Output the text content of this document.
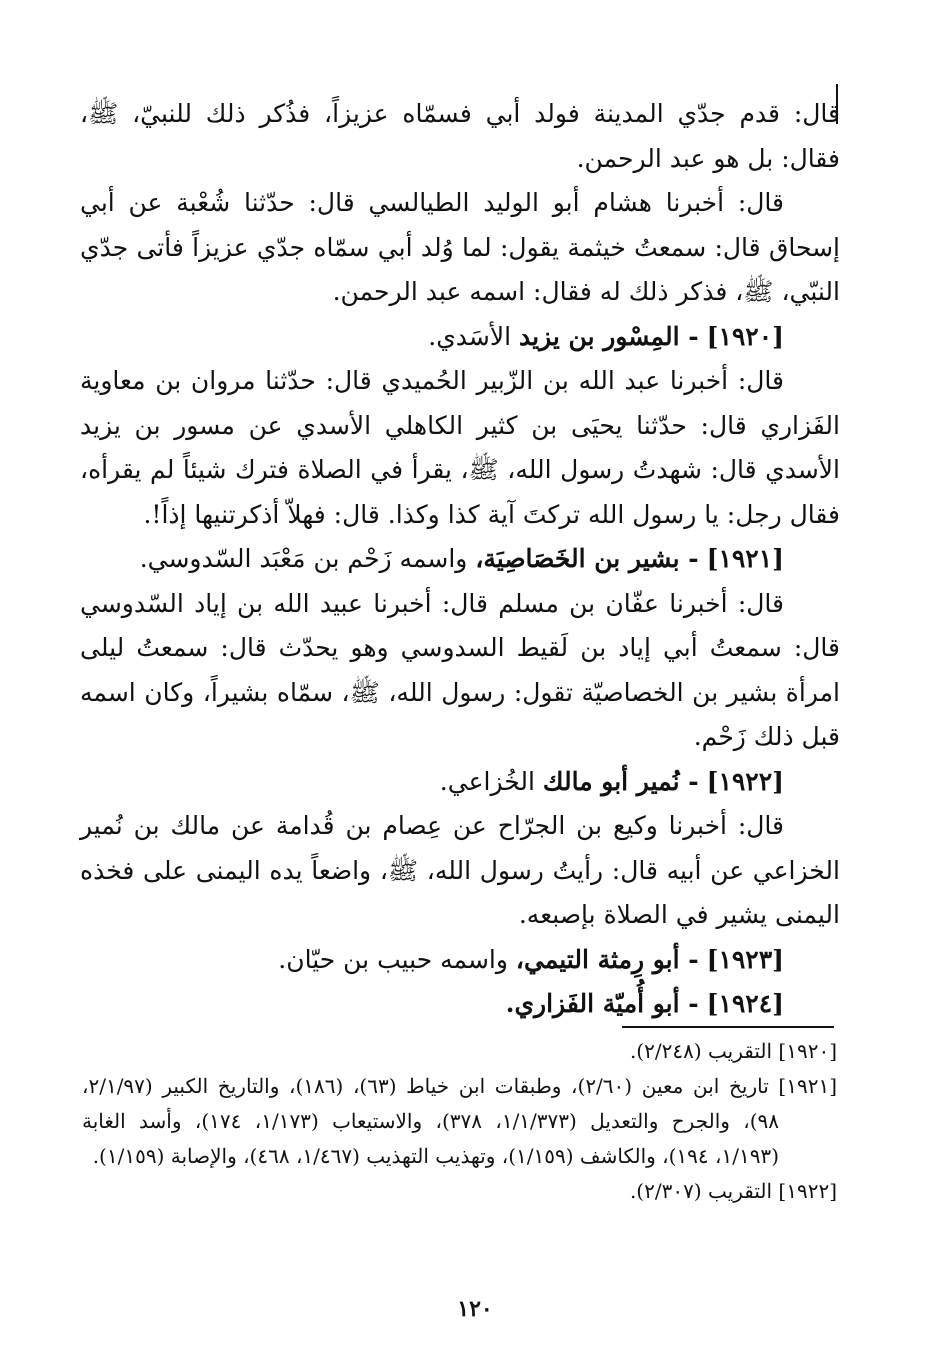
قال: قدم جدّي المدينة فولد أبي فسمّاه عزيزاً، فذُكر ذلك للنبيّ، ﷺ، فقال: بل هو عبد الرحمن.

قال: أخبرنا هشام أبو الوليد الطيالسي قال: حدّثنا شُعْبة عن أبي إسحاق قال: سمعتُ خيثمة يقول: لما وُلد أبي سمّاه جدّي عزيزاً فأتى جدّي النبّي، ﷺ، فذكر ذلك له فقال: اسمه عبد الرحمن.

[١٩٢٠] - المِسْور بن يزيد الأسَدي.

قال: أخبرنا عبد الله بن الزّبير الحُميدي قال: حدّثنا مروان بن معاوية الفَزاري قال: حدّثنا يحيَى بن كثير الكاهلي الأسدي عن مسور بن يزيد الأسدي قال: شهدتُ رسول الله، ﷺ، يقرأ في الصلاة فترك شيئاً لم يقرأه، فقال رجل: يا رسول الله تركتَ آية كذا وكذا. قال: فهلاّ أذكرتنيها إذاً!.

[١٩٢١] - بشير بن الخَصَاصِيَة، واسمه زَحْم بن مَعْبَد السّدوسي.

قال: أخبرنا عفّان بن مسلم قال: أخبرنا عبيد الله بن إياد السّدوسي قال: سمعتُ أبي إياد بن لَقيط السدوسي وهو يحدّث قال: سمعتُ ليلى امرأة بشير بن الخصاصيّة تقول: رسول الله، ﷺ، سمّاه بشيراً، وكان اسمه قبل ذلك زَحْم.

[١٩٢٢] - نُمير أبو مالك الخُزاعي.

قال: أخبرنا وكيع بن الجرّاح عن عِصام بن قُدامة عن مالك بن نُمير الخزاعي عن أبيه قال: رأيتُ رسول الله، ﷺ، واضعاً يده اليمنى على فخذه اليمنى يشير في الصلاة بإصبعه.

[١٩٢٣] - أبو رِمثة التيمي، واسمه حبيب بن حيّان.

[١٩٢٤] - أبو أُميّة الفَزاري.

[١٩٢٠] التقريب (٢/٢٤٨).

[١٩٢١] تاريخ ابن معين (٢/٦٠)، وطبقات ابن خياط (٦٣)، (١٨٦)، والتاريخ الكبير (٢/١/٩٧، ٩٨)، والجرح والتعديل (١/١/٣٧٣، ٣٧٨)، والاستيعاب (١/١٧٣، ١٧٤)، وأسد الغابة (١/١٩٣، ١٩٤)، والكاشف (١/١٥٩)، وتهذيب التهذيب (١/٤٦٧، ٤٦٨)، والإصابة (١/١٥٩).

[١٩٢٢] التقريب (٢/٣٠٧).

١٢٠
